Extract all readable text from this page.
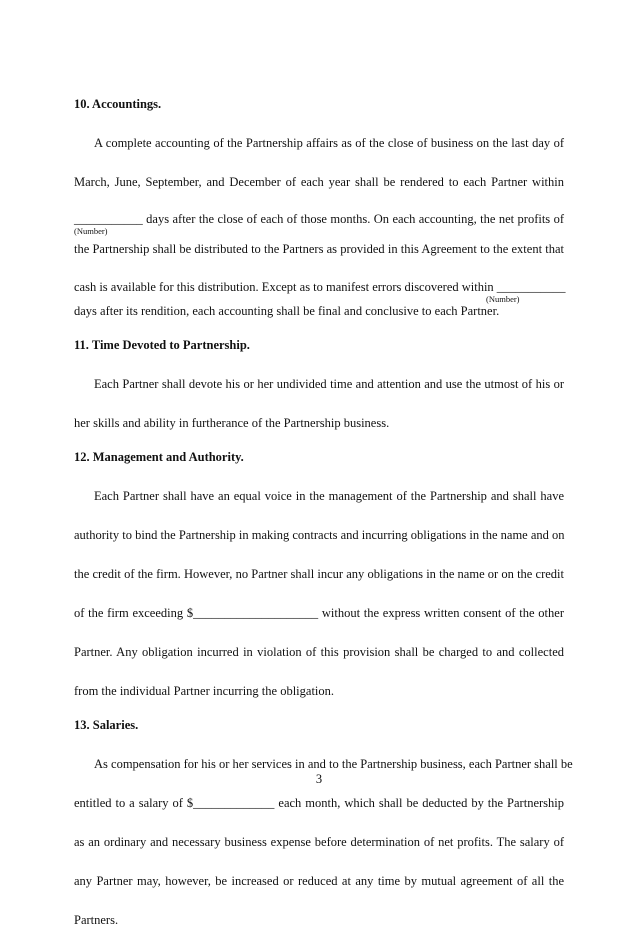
10. Accountings.
A complete accounting of the Partnership affairs as of the close of business on the last day of
March, June, September, and December of each year shall be rendered to each Partner within
___________ days after the close of each of those months. On each accounting, the net profits of
(Number)
the Partnership shall be distributed to the Partners as provided in this Agreement to the extent that
cash is available for this distribution. Except as to manifest errors discovered within ___________
(Number)
days after its rendition, each accounting shall be final and conclusive to each Partner.
11. Time Devoted to Partnership.
Each Partner shall devote his or her undivided time and attention and use the utmost of his or
her skills and ability in furtherance of the Partnership business.
12. Management and Authority.
Each Partner shall have an equal voice in the management of the Partnership and shall have
authority to bind the Partnership in making contracts and incurring obligations in the name and on
the credit of the firm. However, no Partner shall incur any obligations in the name or on the credit
of the firm exceeding $____________________ without the express written consent of the other
Partner. Any obligation incurred in violation of this provision shall be charged to and collected
from the individual Partner incurring the obligation.
13. Salaries.
As compensation for his or her services in and to the Partnership business, each Partner shall be
entitled to a salary of $_____________ each month, which shall be deducted by the Partnership
as an ordinary and necessary business expense before determination of net profits. The salary of
any Partner may, however, be increased or reduced at any time by mutual agreement of all the
Partners.
3
